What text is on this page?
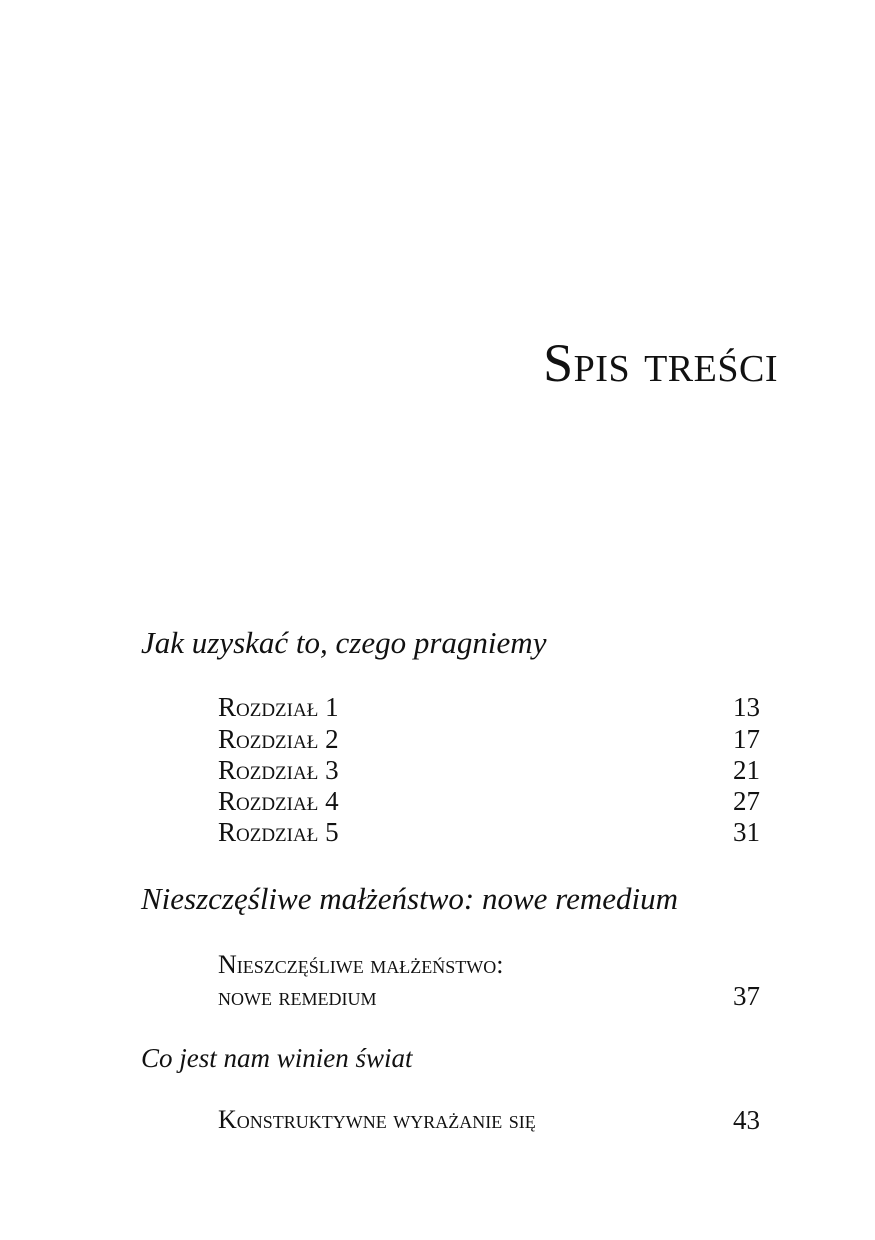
Spis treści
Jak uzyskać to, czego pragniemy
Rozdział 1	13
Rozdział 2	17
Rozdział 3	21
Rozdział 4	27
Rozdział 5	31
Nieszczęśliwe małżeństwo: nowe remedium
Nieszczęśliwe małżeństwo:
nowe remedium	37
Co jest nam winien świat
Konstruktywne wyrażanie się	43
